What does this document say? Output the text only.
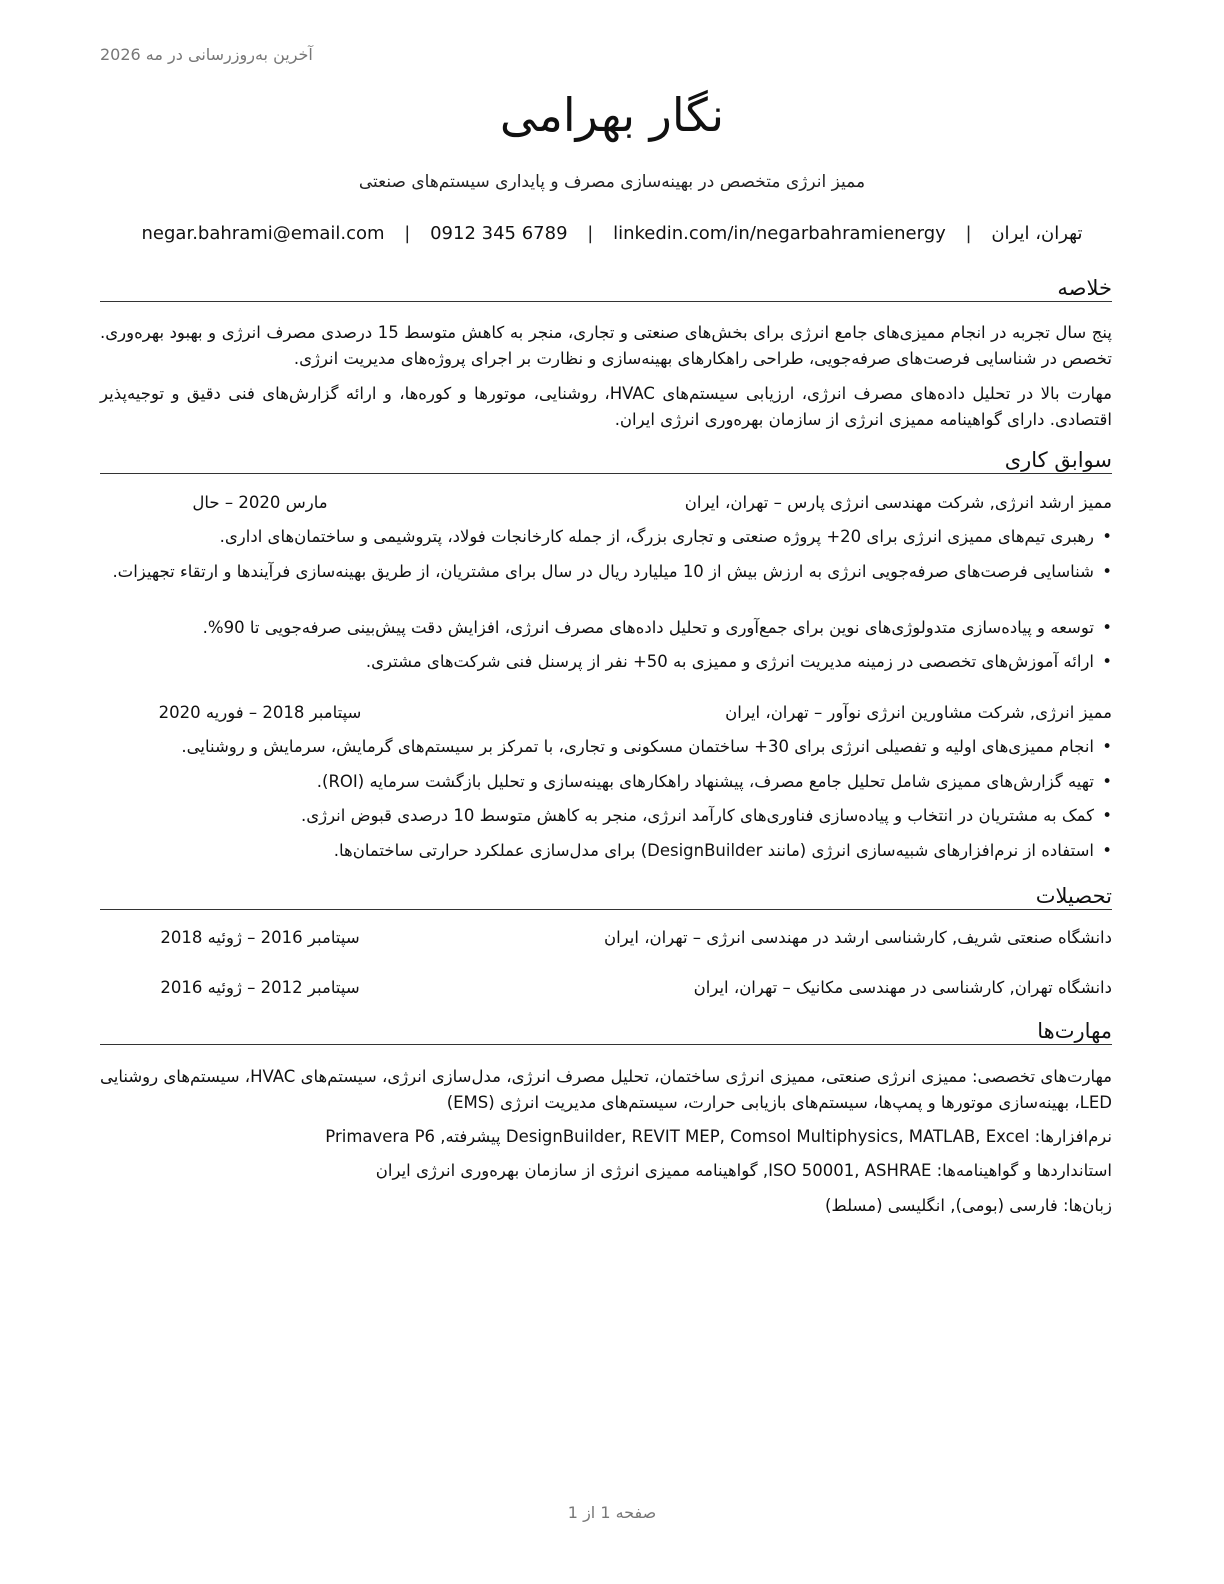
آخرین به‌روزرسانی در مه 2026
نگار بهرامی
ممیز انرژی متخصص در بهینه‌سازی مصرف و پایداری سیستم‌های صنعتی
تهران، ایران | negar.bahrami@email.com | 0912 345 6789 | linkedin.com/in/negarbahramienergy
خلاصه
پنج سال تجربه در انجام ممیزی‌های جامع انرژی برای بخش‌های صنعتی و تجاری، منجر به کاهش متوسط 15 درصدی مصرف انرژی و بهبود بهره‌وری. تخصص در شناسایی فرصت‌های صرفه‌جویی، طراحی راهکارهای بهینه‌سازی و نظارت بر اجرای پروژه‌های مدیریت انرژی.
مهارت بالا در تحلیل داده‌های مصرف انرژی، ارزیابی سیستم‌های HVAC، روشنایی، موتورها و کوره‌ها، و ارائه گزارش‌های فنی دقیق و توجیه‌پذیر اقتصادی. دارای گواهینامه ممیزی انرژی از سازمان بهره‌وری انرژی ایران.
سوابق کاری
ممیز ارشد انرژی, شرکت مهندسی انرژی پارس – تهران، ایران
مارس 2020 – حال
• رهبری تیم‌های ممیزی انرژی برای 20+ پروژه صنعتی و تجاری بزرگ، از جمله کارخانجات فولاد، پتروشیمی و ساختمان‌های اداری.
• شناسایی فرصت‌های صرفه‌جویی انرژی به ارزش بیش از 10 میلیارد ریال در سال برای مشتریان، از طریق بهینه‌سازی فرآیندها و ارتقاء تجهیزات.
• توسعه و پیاده‌سازی متدولوژی‌های نوین برای جمع‌آوری و تحلیل داده‌های مصرف انرژی، افزایش دقت پیش‌بینی صرفه‌جویی تا 90%.
• ارائه آموزش‌های تخصصی در زمینه مدیریت انرژی و ممیزی به 50+ نفر از پرسنل فنی شرکت‌های مشتری.
ممیز انرژی, شرکت مشاورین انرژی نوآور – تهران، ایران
سپتامبر 2018 – فوریه 2020
• انجام ممیزی‌های اولیه و تفصیلی انرژی برای 30+ ساختمان مسکونی و تجاری، با تمرکز بر سیستم‌های گرمایش، سرمایش و روشنایی.
• تهیه گزارش‌های ممیزی شامل تحلیل جامع مصرف، پیشنهاد راهکارهای بهینه‌سازی و تحلیل بازگشت سرمایه (ROI).
• کمک به مشتریان در انتخاب و پیاده‌سازی فناوری‌های کارآمد انرژی، منجر به کاهش متوسط 10 درصدی قبوض انرژی.
• استفاده از نرم‌افزارهای شبیه‌سازی انرژی (مانند DesignBuilder) برای مدل‌سازی عملکرد حرارتی ساختمان‌ها.
تحصیلات
دانشگاه صنعتی شریف, کارشناسی ارشد در مهندسی انرژی – تهران، ایران
سپتامبر 2016 – ژوئیه 2018
دانشگاه تهران, کارشناسی در مهندسی مکانیک – تهران، ایران
سپتامبر 2012 – ژوئیه 2016
مهارت‌ها
مهارت‌های تخصصی: ممیزی انرژی صنعتی، ممیزی انرژی ساختمان، تحلیل مصرف انرژی، مدل‌سازی انرژی، سیستم‌های HVAC، سیستم‌های روشنایی LED، بهینه‌سازی موتورها و پمپ‌ها، سیستم‌های بازیابی حرارت، سیستم‌های مدیریت انرژی (EMS)
نرم‌افزارها: DesignBuilder, REVIT MEP, Comsol Multiphysics, MATLAB, Excel پیشرفته, Primavera P6
استانداردها و گواهینامه‌ها: ISO 50001, ASHRAE, گواهینامه ممیزی انرژی از سازمان بهره‌وری انرژی ایران
زبان‌ها: فارسی (بومی), انگلیسی (مسلط)
صفحه 1 از 1
